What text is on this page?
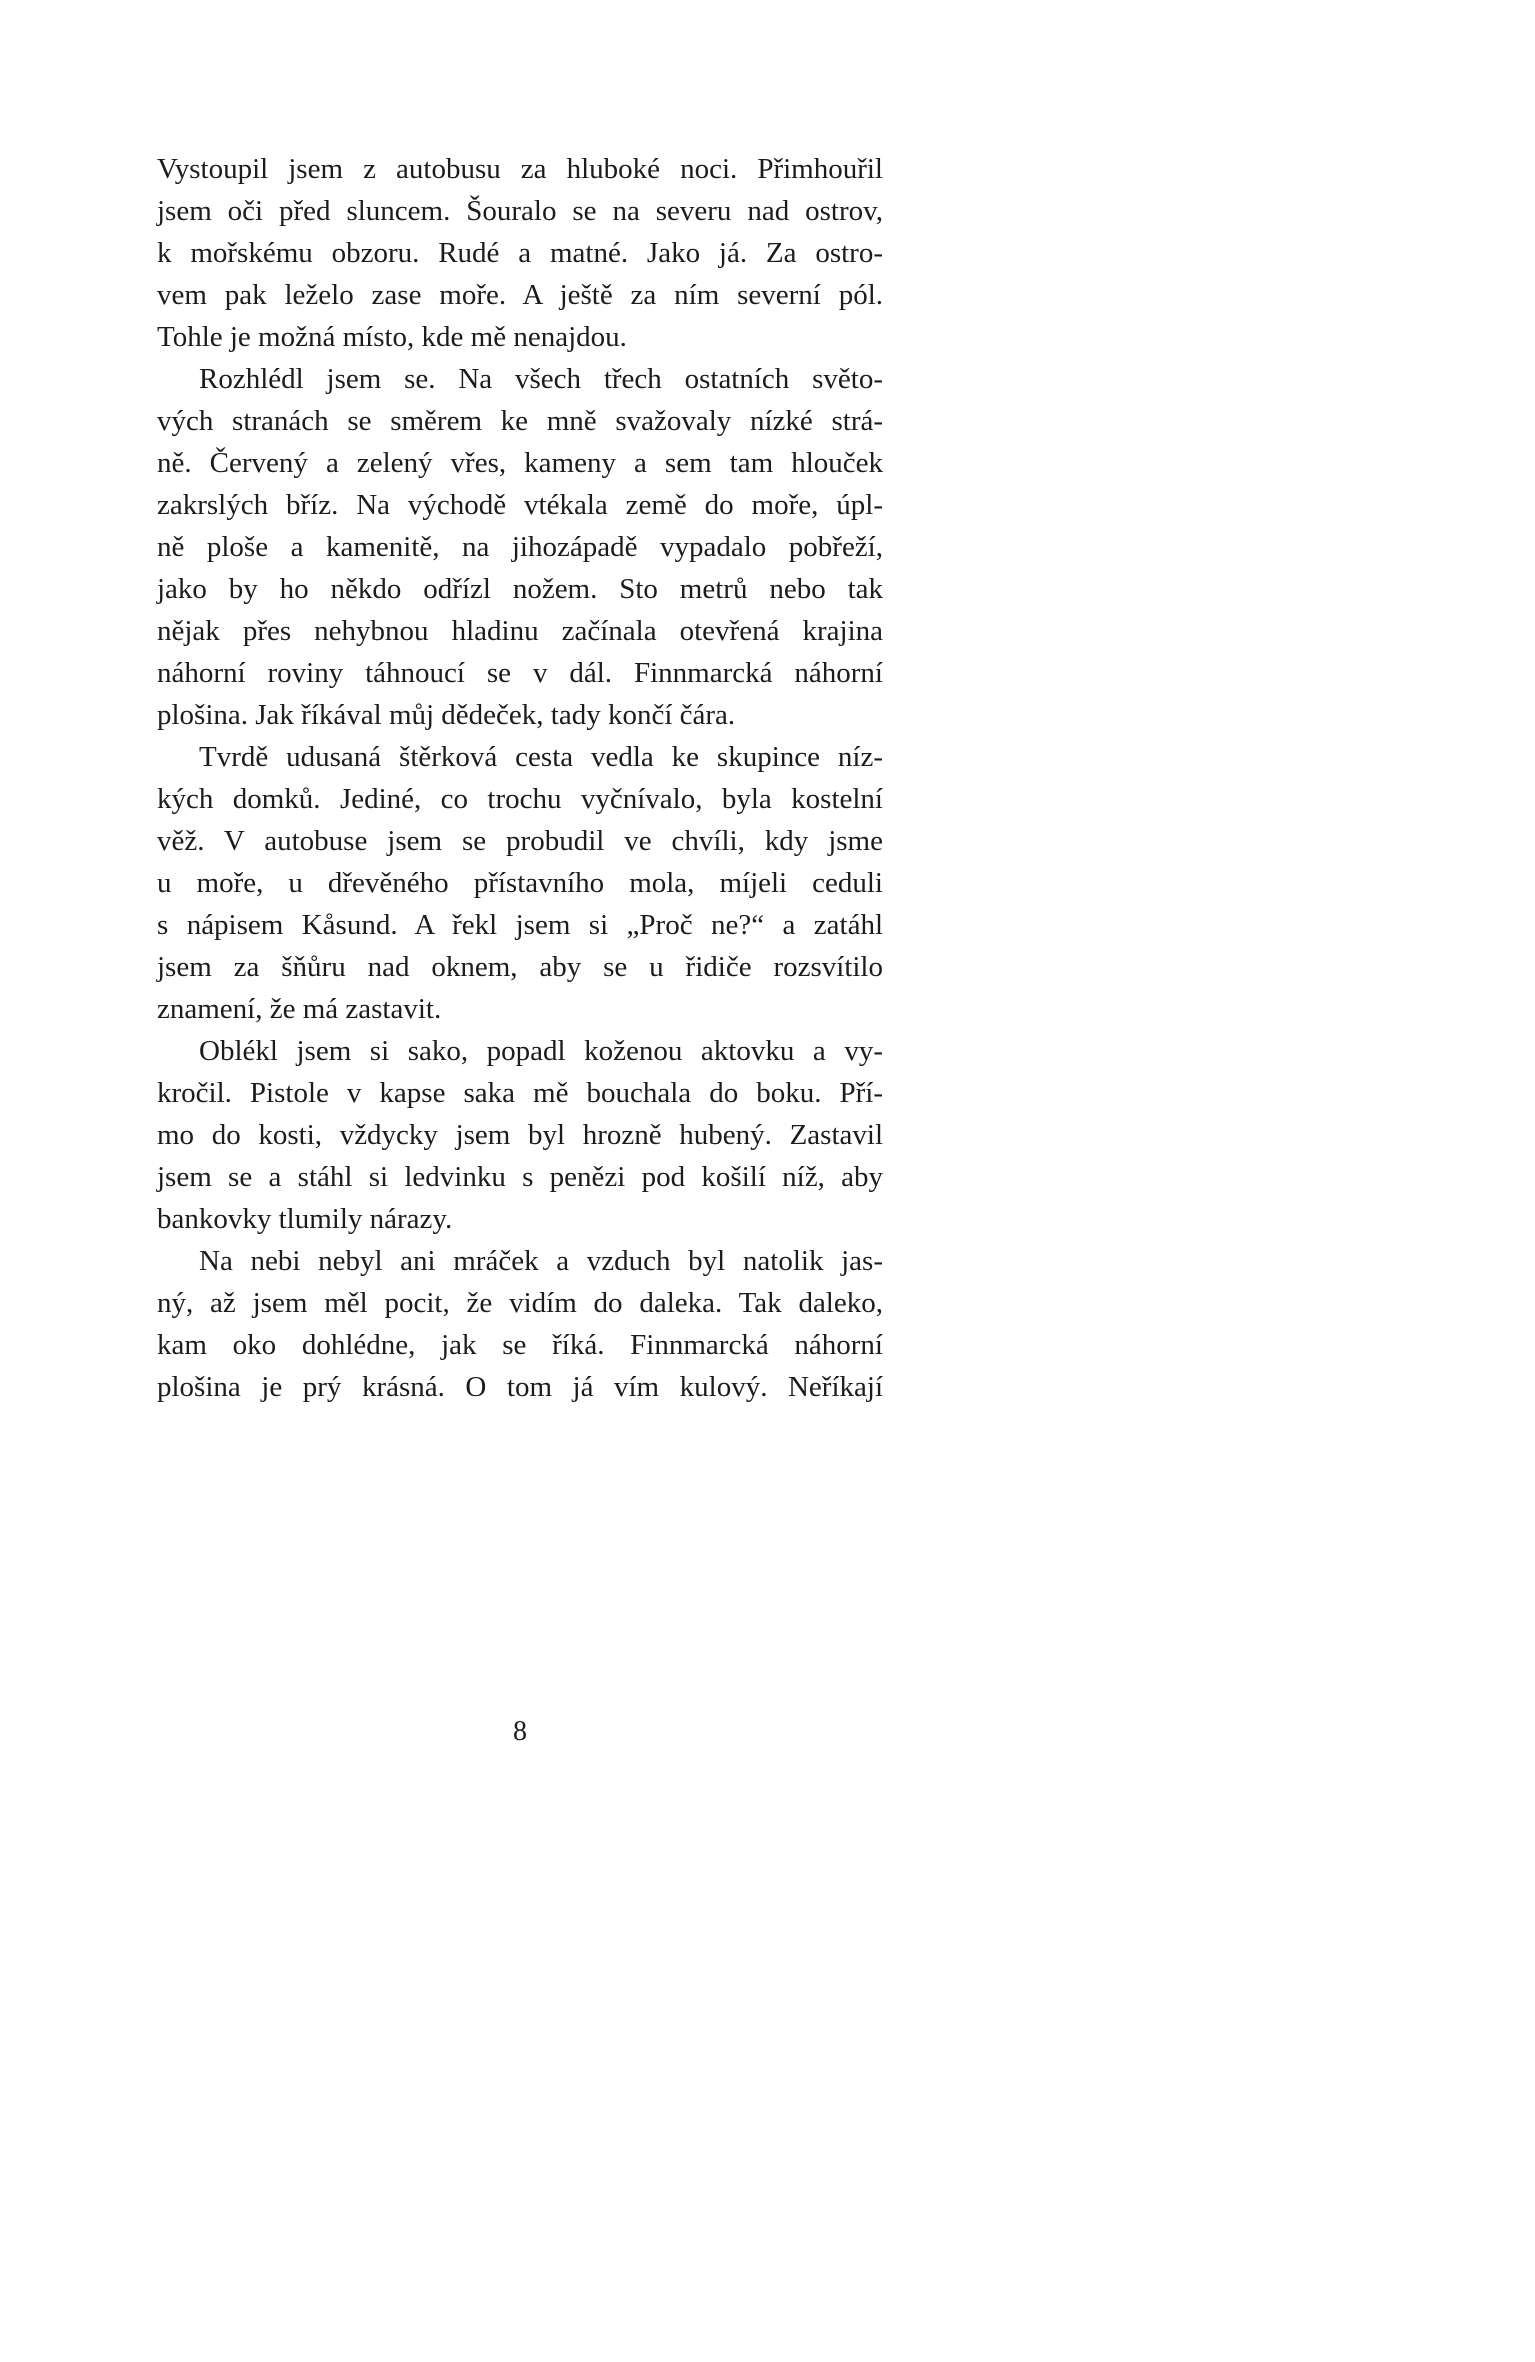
Vystoupil jsem z autobusu za hluboké noci. Přimhouřil
jsem oči před sluncem. Šouralo se na severu nad ostrov,
k mořskému obzoru. Rudé a matné. Jako já. Za ostro-
vem pak leželo zase moře. A ještě za ním severní pól.
Tohle je možná místo, kde mě nenajdou.
Rozhlédl jsem se. Na všech třech ostatních světo-
vých stranách se směrem ke mně svažovaly nízké strá-
ně. Červený a zelený vřes, kameny a sem tam hlouček
zakrslých bříz. Na východě vtékala země do moře, úpl-
ně ploše a kamenitě, na jihozápadě vypadalo pobřeží,
jako by ho někdo odřízl nožem. Sto metrů nebo tak
nějak přes nehybnou hladinu začínala otevřená krajina
náhorní roviny táhnoucí se v dál. Finnmarcká náhorní
plošina. Jak říkával můj dědeček, tady končí čára.
Tvrdě udusaná štěrková cesta vedla ke skupince níz-
kých domků. Jediné, co trochu vyčnívalo, byla kostelní
věž. V autobuse jsem se probudil ve chvíli, kdy jsme
u moře, u dřevěného přístavního mola, míjeli ceduli
s nápisem Kåsund. A řekl jsem si „Proč ne?“ a zatáhl
jsem za šňůru nad oknem, aby se u řidiče rozsvítilo
znamení, že má zastavit.
Oblékl jsem si sako, popadl koženou aktovku a vy-
kročil. Pistole v kapse saka mě bouchala do boku. Pří-
mo do kosti, vždycky jsem byl hrozně hubený. Zastavil
jsem se a stáhl si ledvinku s penězi pod košilí níž, aby
bankovky tlumily nárazy.
Na nebi nebyl ani mráček a vzduch byl natolik jas-
ný, až jsem měl pocit, že vidím do daleka. Tak daleko,
kam oko dohlédne, jak se říká. Finnmarcká náhorní
plošina je prý krásná. O tom já vím kulový. Neříkají
8
